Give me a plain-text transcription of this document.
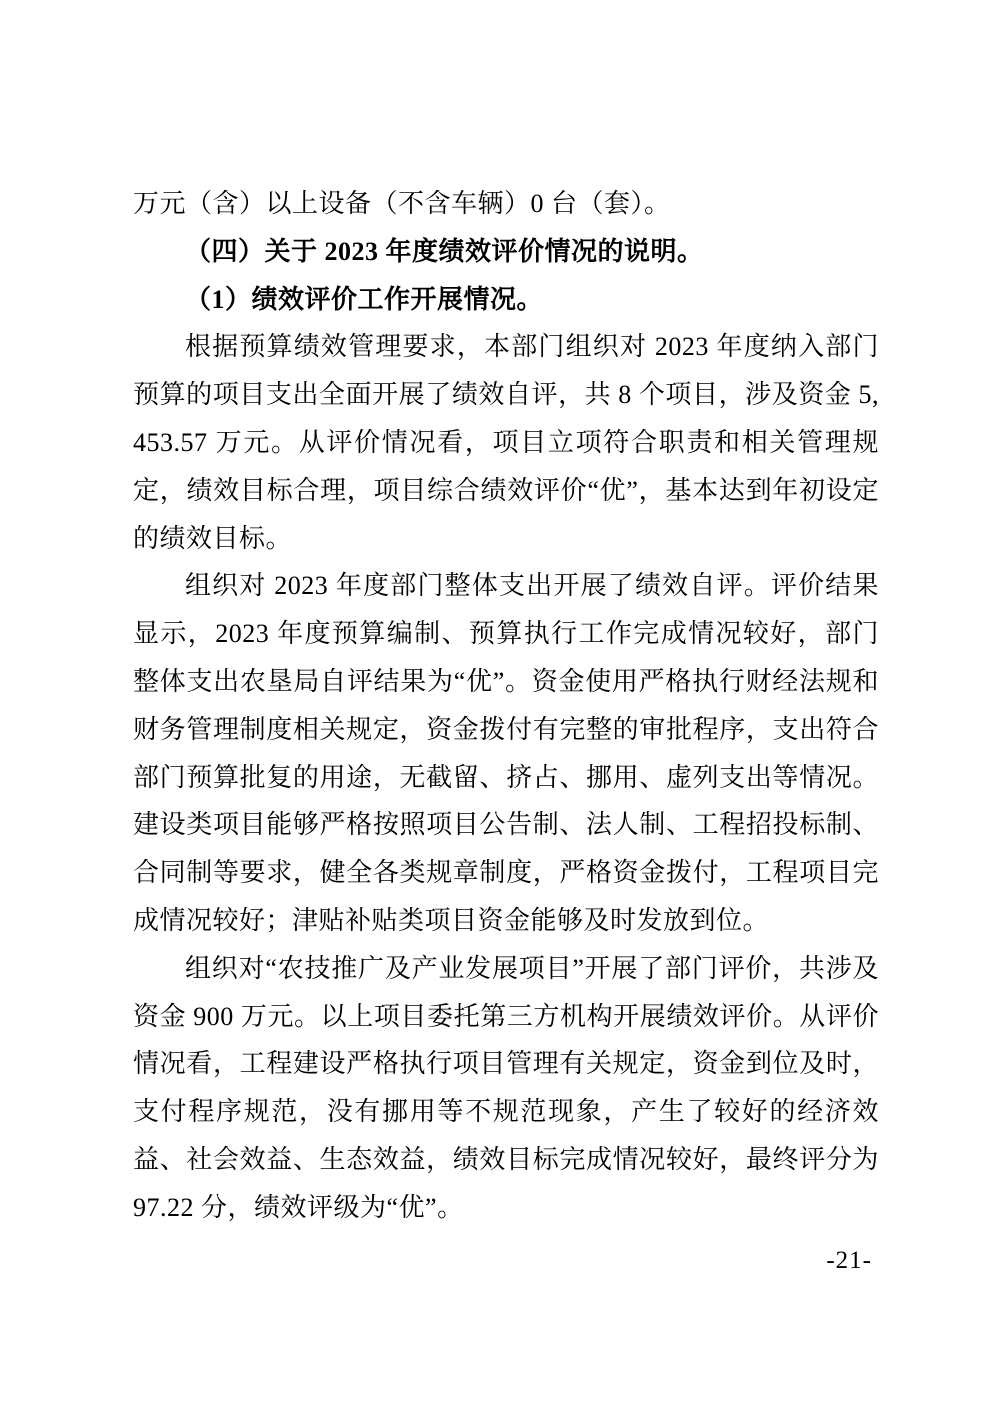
万元（含）以上设备（不含车辆）0 台（套）。

（四）关于 2023 年度绩效评价情况的说明。
（1）绩效评价工作开展情况。

根据预算绩效管理要求，本部门组织对 2023 年度纳入部门预算的项目支出全面开展了绩效自评，共 8 个项目，涉及资金 5,453.57 万元。从评价情况看，项目立项符合职责和相关管理规定，绩效目标合理，项目综合绩效评价“优”，基本达到年初设定的绩效目标。

组织对 2023 年度部门整体支出开展了绩效自评。评价结果显示，2023 年度预算编制、预算执行工作完成情况较好，部门整体支出农垦局自评结果为“优”。资金使用严格执行财经法规和财务管理制度相关规定，资金拨付有完整的审批程序，支出符合部门预算批复的用途，无截留、挤占、挪用、虚列支出等情况。建设类项目能够严格按照项目公告制、法人制、工程招投标制、合同制等要求，健全各类规章制度，严格资金拨付，工程项目完成情况较好；津贴补贴类项目资金能够及时发放到位。

组织对“农技推广及产业发展项目”开展了部门评价，共涉及资金 900 万元。以上项目委托第三方机构开展绩效评价。从评价情况看，工程建设严格执行项目管理有关规定，资金到位及时，支付程序规范，没有挪用等不规范现象，产生了较好的经济效益、社会效益、生态效益，绩效目标完成情况较好，最终评分为 97.22 分，绩效评级为“优”。

-21-
